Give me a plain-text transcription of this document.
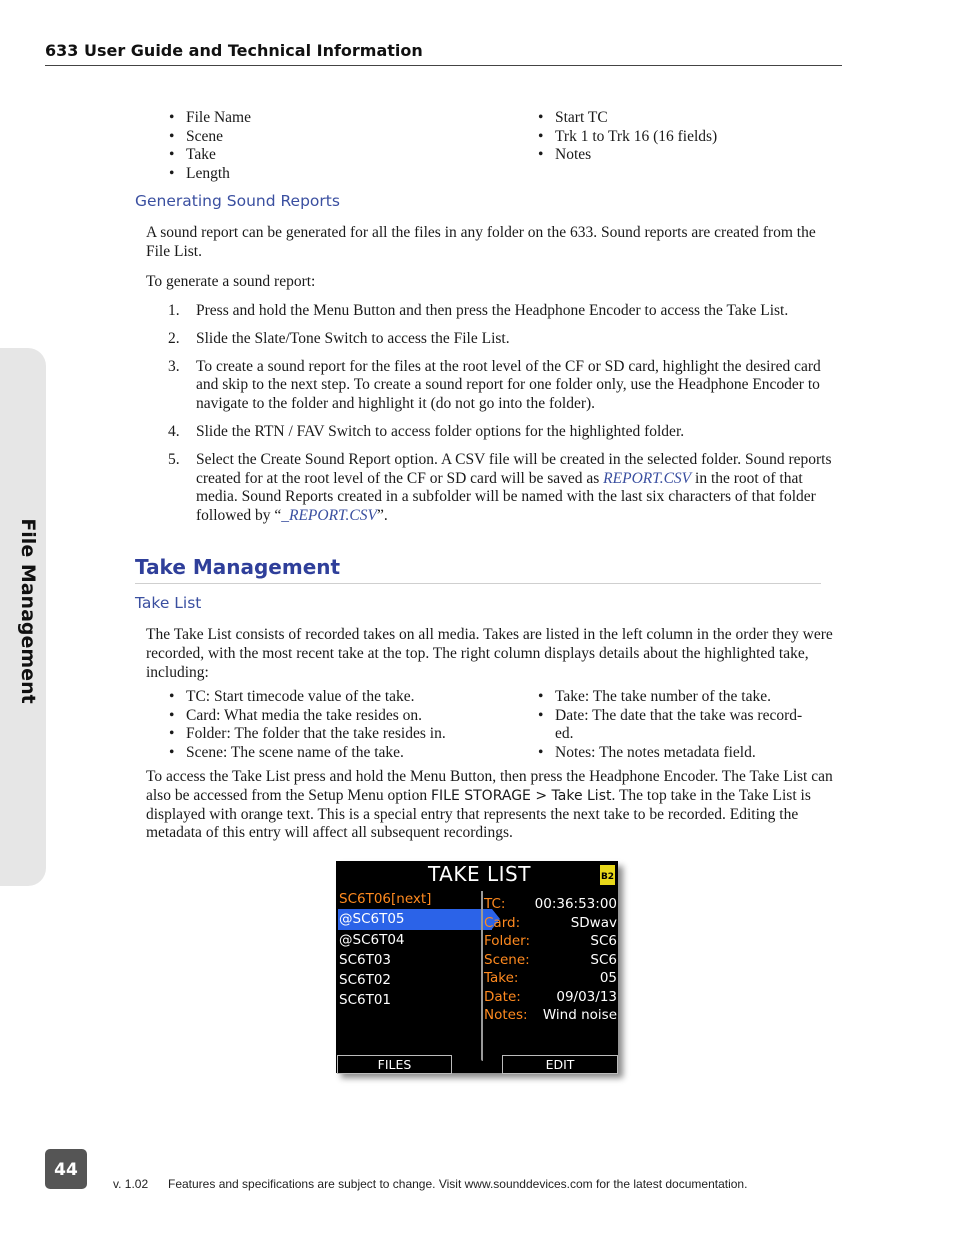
633 User Guide and Technical Information
File Management
• File Name
• Scene
• Take
• Length
• Start TC
• Trk 1 to Trk 16 (16 fields)
• Notes
Generating Sound Reports
A sound report can be generated for all the files in any folder on the 633. Sound reports are created from the File List.
To generate a sound report:
1. Press and hold the Menu Button and then press the Headphone Encoder to access the Take List.
2. Slide the Slate/Tone Switch to access the File List.
3. To create a sound report for the files at the root level of the CF or SD card, highlight the desired card and skip to the next step. To create a sound report for one folder only, use the Headphone Encoder to navigate to the folder and highlight it (do not go into the folder).
4. Slide the RTN / FAV Switch to access folder options for the highlighted folder.
5. Select the Create Sound Report option. A CSV file will be created in the selected folder. Sound reports created for at the root level of the CF or SD card will be saved as REPORT.CSV in the root of that media. Sound Reports created in a subfolder will be named with the last six characters of that folder followed by “_REPORT.CSV”.
Take Management
Take List
The Take List consists of recorded takes on all media. Takes are listed in the left column in the order they were recorded, with the most recent take at the top. The right column displays details about the highlighted take, including:
• TC: Start timecode value of the take.
• Card: What media the take resides on.
• Folder: The folder that the take resides in.
• Scene: The scene name of the take.
• Take: The take number of the take.
• Date: The date that the take was record-
ed.
• Notes: The notes metadata field.
To access the Take List press and hold the Menu Button, then press the Headphone Encoder. The Take List can also be accessed from the Setup Menu option FILE STORAGE > Take List. The top take in the Take List is displayed with orange text. This is a special entry that represents the next take to be recorded. Editing the metadata of this entry will affect all subsequent recordings.
TAKE LIST	B2
SC6T06[next]
@SC6T05
@SC6T04
SC6T03
SC6T02
SC6T01
TC: 00:36:53:00
Card:	SDwav
Folder:	SC6
Scene:	SC6
Take:	05
Date:	09/03/13
Notes: Wind noise
FILES	EDIT
44
v. 1.02 Features and specifications are subject to change. Visit www.sounddevices.com for the latest documentation.
